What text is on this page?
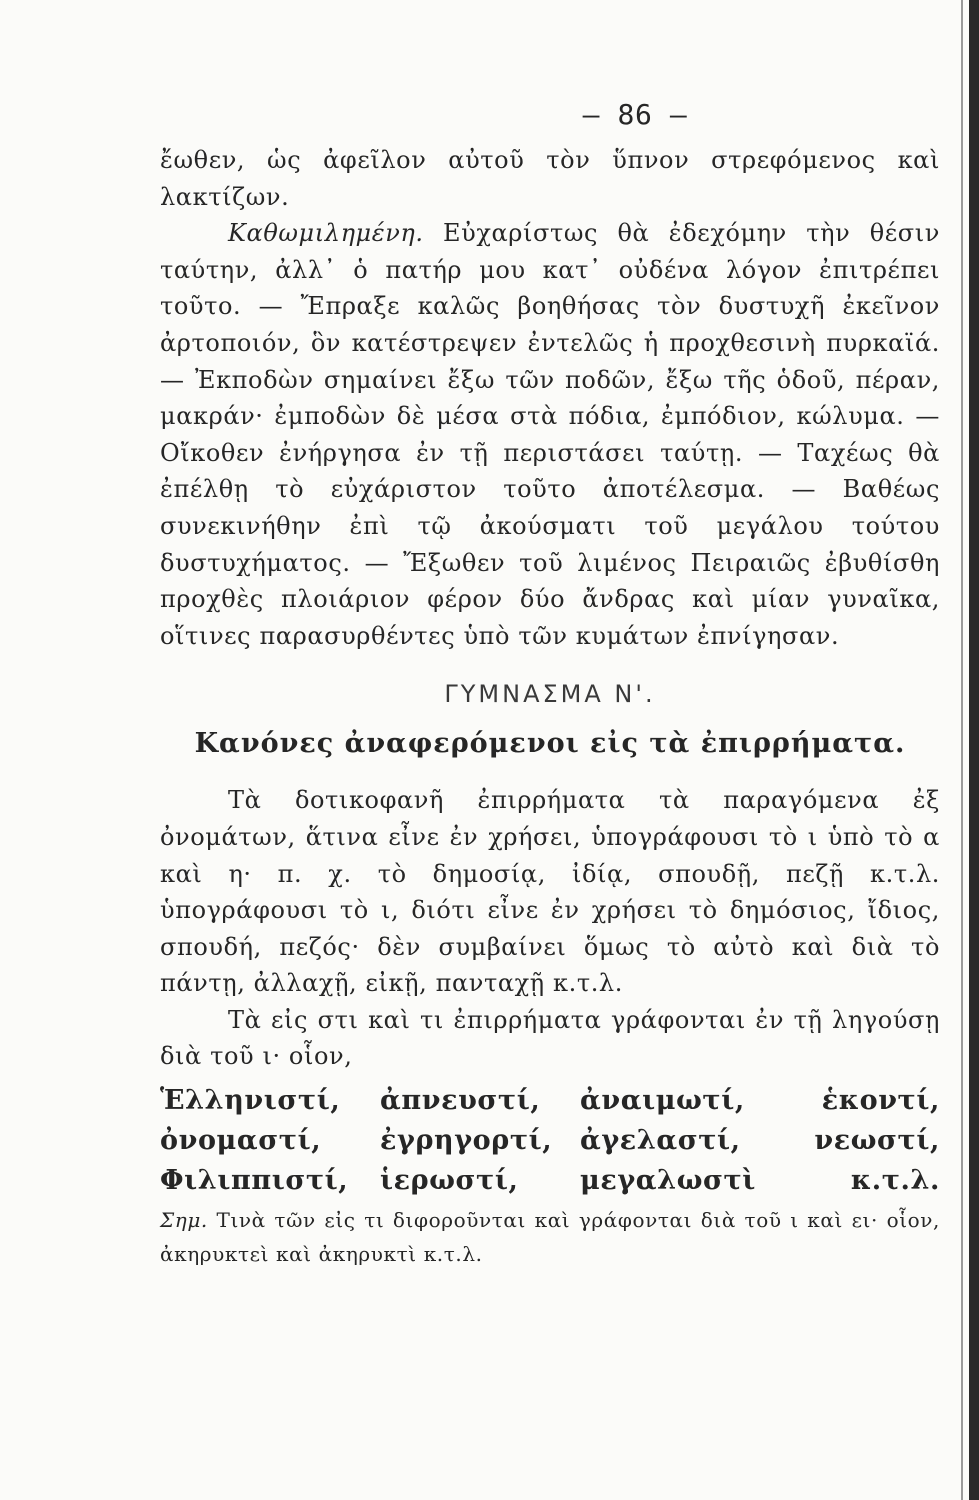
— 86 —

ἔωθεν, ὡς ἀφεῖλον αὐτοῦ τὸν ὕπνον στρεφόμενος καὶ λακτίζων.

Καθωμιλημένη. Εὐχαρίστως θὰ ἐδεχόμην τὴν θέσιν ταύτην, ἀλλ᾿ ὁ πατήρ μου κατ᾿ οὐδένα λόγον ἐπιτρέπει τοῦτο. — Ἔπραξε καλῶς βοηθήσας τὸν δυστυχῆ ἐκεῖνον ἀρτοποιόν, ὃν κατέστρεψεν ἐντελῶς ἡ προχθεσινὴ πυρκαϊά. — Ἐκποδὼν σημαίνει ἔξω τῶν ποδῶν, ἔξω τῆς ὁδοῦ, πέραν, μακράν· ἐμποδὼν δὲ μέσα στὰ πόδια, ἐμπόδιον, κώλυμα. — Οἴκοθεν ἐνήργησα ἐν τῇ περιστάσει ταύτῃ. — Ταχέως θὰ ἐπέλθῃ τὸ εὐχάριστον τοῦτο ἀποτέλεσμα. — Βαθέως συνεκινήθην ἐπὶ τῷ ἀκούσματι τοῦ μεγάλου τούτου δυστυχήματος. — Ἔξωθεν τοῦ λιμένος Πειραιῶς ἐβυθίσθη προχθὲς πλοιάριον φέρον δύο ἄνδρας καὶ μίαν γυναῖκα, οἵτινες παρασυρθέντες ὑπὸ τῶν κυμάτων ἐπνίγησαν.

ΓΥΜΝΑΣΜΑ Ν'.
Κανόνες ἀναφερόμενοι εἰς τὰ ἐπιρρήματα.

Τὰ δοτικοφανῆ ἐπιρρήματα τὰ παραγόμενα ἐξ ὀνομάτων, ἅτινα εἶνε ἐν χρήσει, ὑπογράφουσι τὸ ι ὑπὸ τὸ α καὶ η· π. χ. τὸ δημοσίᾳ, ἰδίᾳ, σπουδῇ, πεζῇ κ.τ.λ. ὑπογράφουσι τὸ ι, διότι εἶνε ἐν χρήσει τὸ δημόσιος, ἴδιος, σπουδή, πεζός· δὲν συμβαίνει ὅμως τὸ αὐτὸ καὶ διὰ τὸ πάντῃ, ἀλλαχῇ, εἰκῇ, πανταχῇ κ.τ.λ.

Τὰ εἰς στι καὶ τι ἐπιρρήματα γράφονται ἐν τῇ ληγούσῃ διὰ τοῦ ι· οἷον,

Ἑλληνιστί,	ἀπνευστί,	ἀναιμωτί,	ἑκοντί,
ὀνομαστί,	ἐγρηγορτί,	ἀγελαστί,	νεωστί,
Φιλιππιστί,	ἱερωστί,	μεγαλωστὶ	κ.τ.λ.

Σημ. Τινὰ τῶν εἰς τι διφοροῦνται καὶ γράφονται διὰ τοῦ ι καὶ ει· οἷον, ἀκηρυκτεὶ καὶ ἀκηρυκτὶ κ.τ.λ.
